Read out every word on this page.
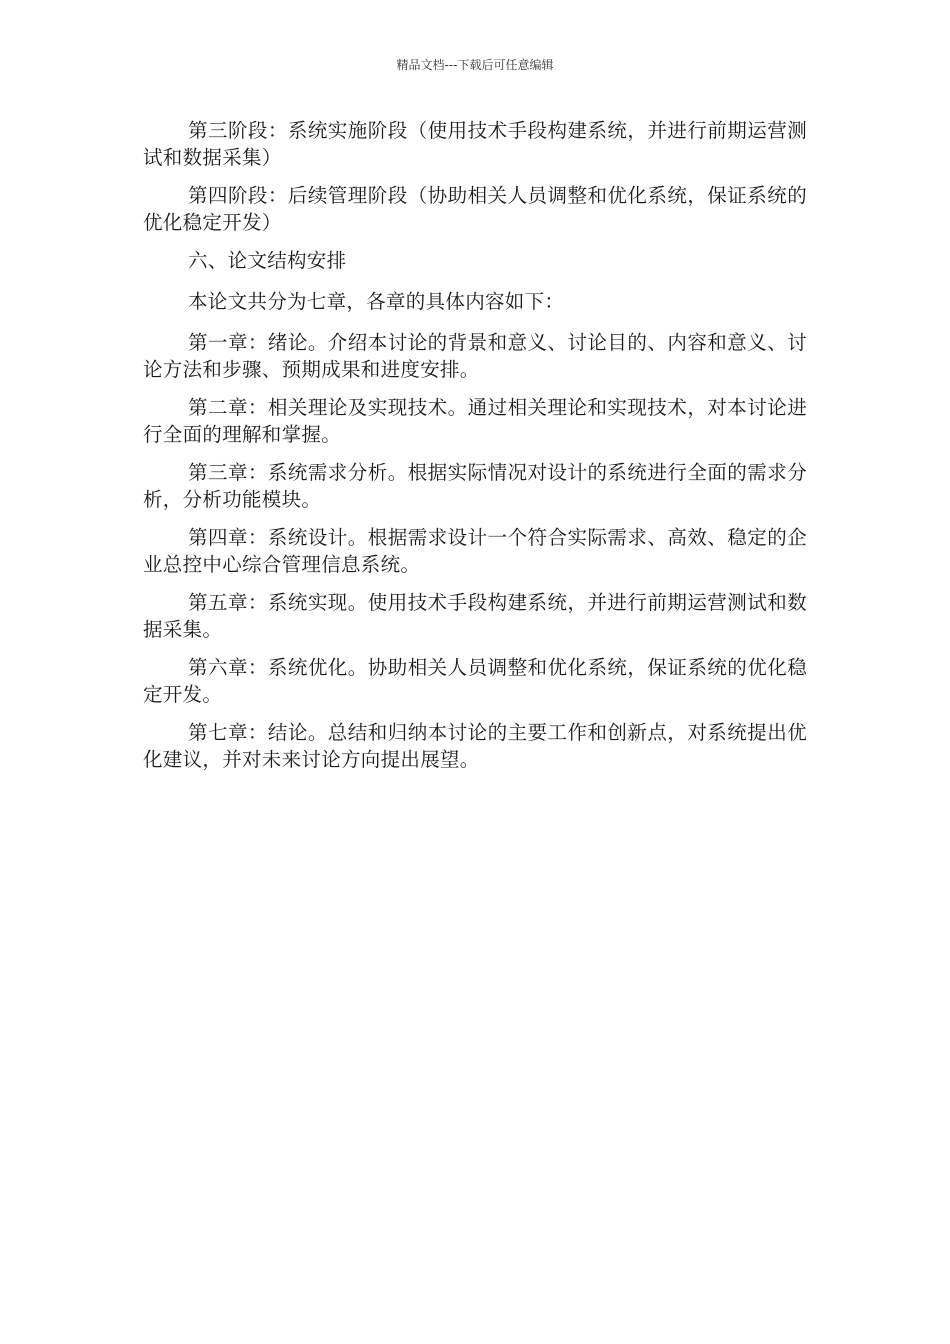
精品文档---下载后可任意编辑

第三阶段：系统实施阶段（使用技术手段构建系统，并进行前期运营测试和数据采集）

第四阶段：后续管理阶段（协助相关人员调整和优化系统，保证系统的优化稳定开发）

六、论文结构安排

本论文共分为七章，各章的具体内容如下：

第一章：绪论。介绍本讨论的背景和意义、讨论目的、内容和意义、讨论方法和步骤、预期成果和进度安排。

第二章：相关理论及实现技术。通过相关理论和实现技术，对本讨论进行全面的理解和掌握。

第三章：系统需求分析。根据实际情况对设计的系统进行全面的需求分析，分析功能模块。

第四章：系统设计。根据需求设计一个符合实际需求、高效、稳定的企业总控中心综合管理信息系统。

第五章：系统实现。使用技术手段构建系统，并进行前期运营测试和数据采集。

第六章：系统优化。协助相关人员调整和优化系统，保证系统的优化稳定开发。

第七章：结论。总结和归纳本讨论的主要工作和创新点，对系统提出优化建议，并对未来讨论方向提出展望。
